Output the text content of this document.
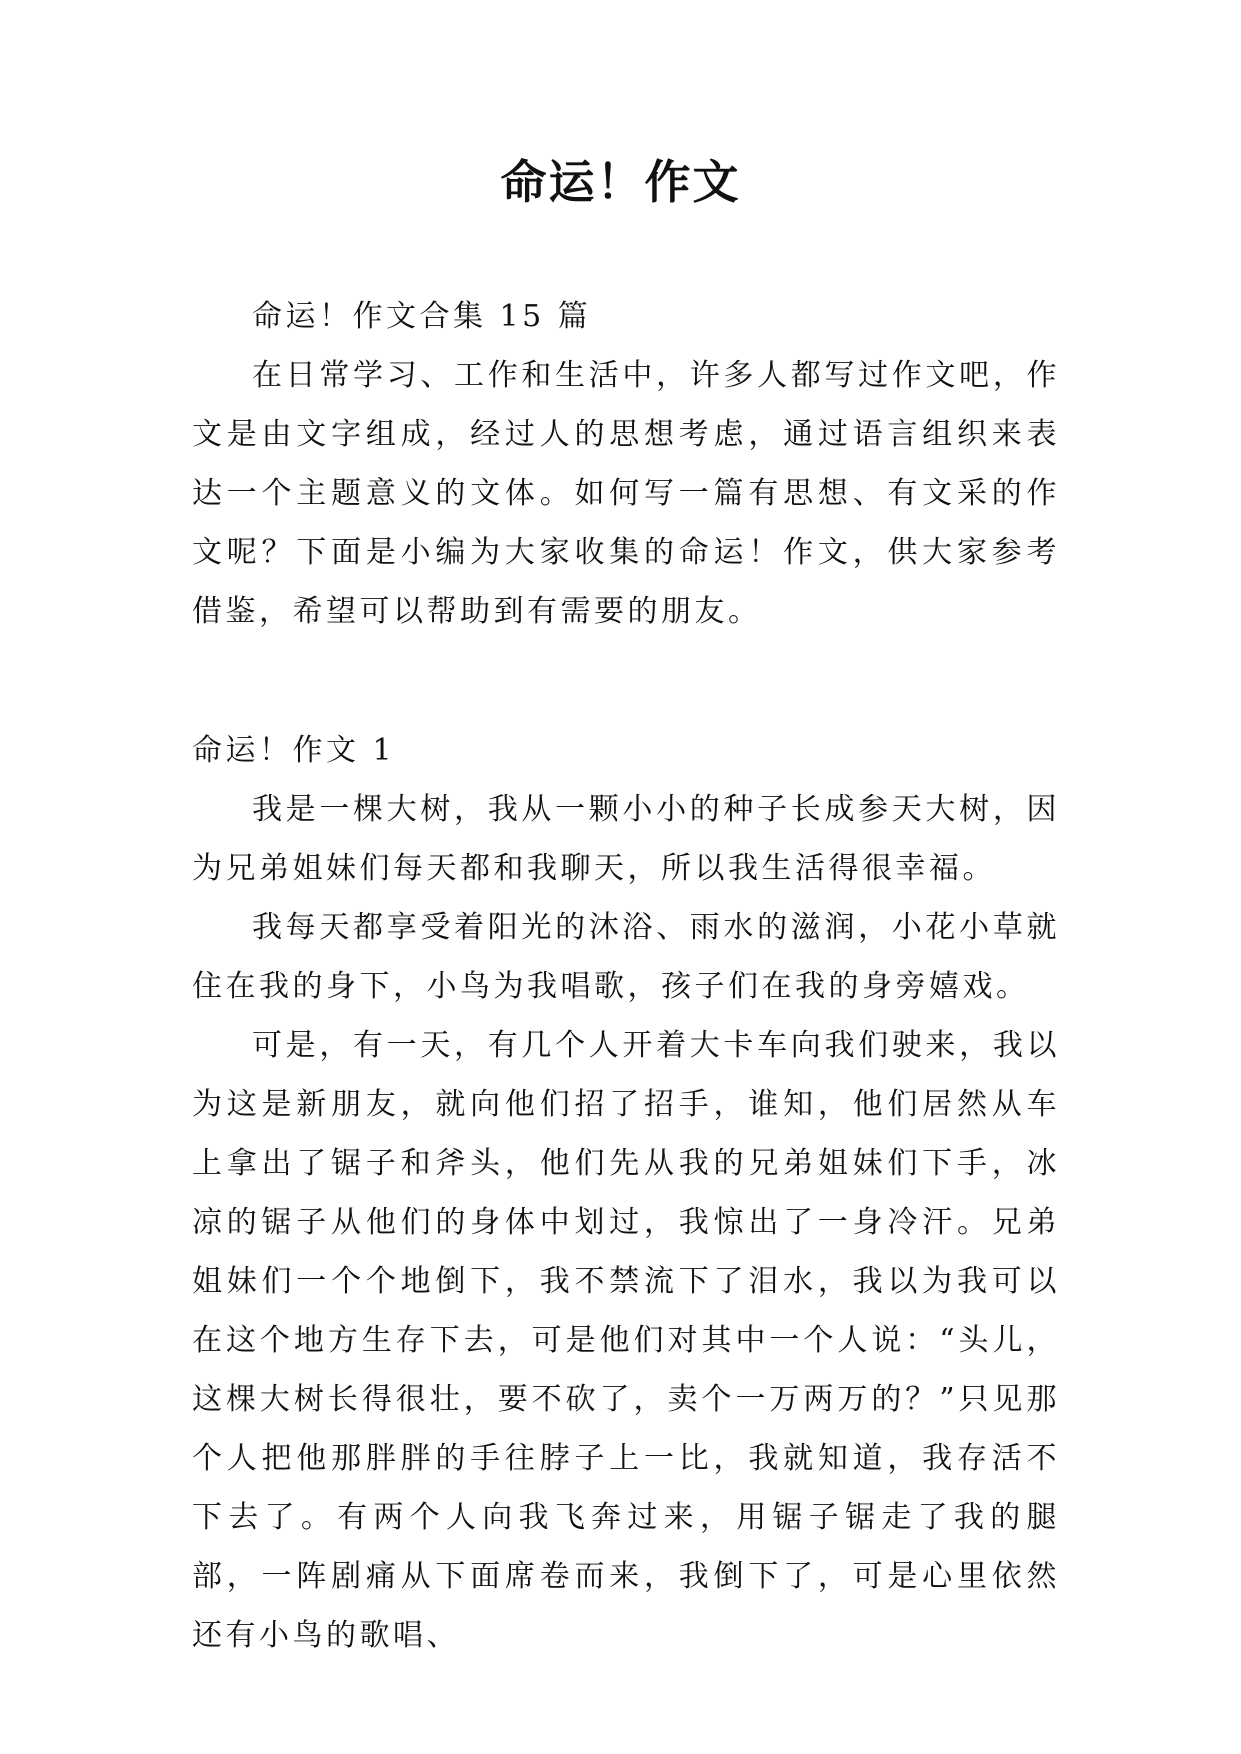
命运！作文

命运！作文合集 15 篇

在日常学习、工作和生活中，许多人都写过作文吧，作文是由文字组成，经过人的思想考虑，通过语言组织来表达一个主题意义的文体。如何写一篇有思想、有文采的作文呢？下面是小编为大家收集的命运！作文，供大家参考借鉴，希望可以帮助到有需要的朋友。

命运！作文 1

我是一棵大树，我从一颗小小的种子长成参天大树，因为兄弟姐妹们每天都和我聊天，所以我生活得很幸福。

我每天都享受着阳光的沐浴、雨水的滋润，小花小草就住在我的身下，小鸟为我唱歌，孩子们在我的身旁嬉戏。

可是，有一天，有几个人开着大卡车向我们驶来，我以为这是新朋友，就向他们招了招手，谁知，他们居然从车上拿出了锯子和斧头，他们先从我的兄弟姐妹们下手，冰凉的锯子从他们的身体中划过，我惊出了一身冷汗。兄弟姐妹们一个个地倒下，我不禁流下了泪水，我以为我可以在这个地方生存下去，可是他们对其中一个人说：“头儿，这棵大树长得很壮，要不砍了，卖个一万两万的？”只见那个人把他那胖胖的手往脖子上一比，我就知道，我存活不下去了。有两个人向我飞奔过来，用锯子锯走了我的腿部，一阵剧痛从下面席卷而来，我倒下了，可是心里依然还有小鸟的歌唱、
